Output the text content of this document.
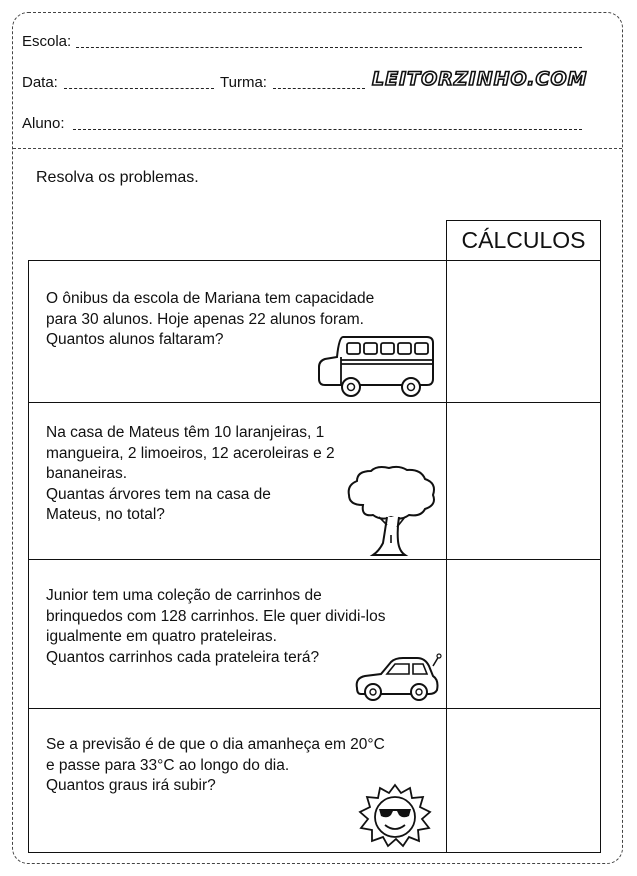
Escola:
Data:	Turma:	LEITORZINHO.COM
Aluno:
Resolva os problemas.
CÁLCULOS
O ônibus da escola de Mariana tem capacidade
para 30 alunos. Hoje apenas 22 alunos foram.
Quantos alunos faltaram?
Na casa de Mateus têm 10 laranjeiras, 1
mangueira, 2 limoeiros, 12 aceroleiras e 2
bananeiras.
Quantas árvores tem na casa de
Mateus, no total?
Junior tem uma coleção de carrinhos de
brinquedos com 128 carrinhos. Ele quer dividi-los
igualmente em quatro prateleiras.
Quantos carrinhos cada prateleira terá?
Se a previsão é de que o dia amanheça em 20°C
e passe para 33°C ao longo do dia.
Quantos graus irá subir?
